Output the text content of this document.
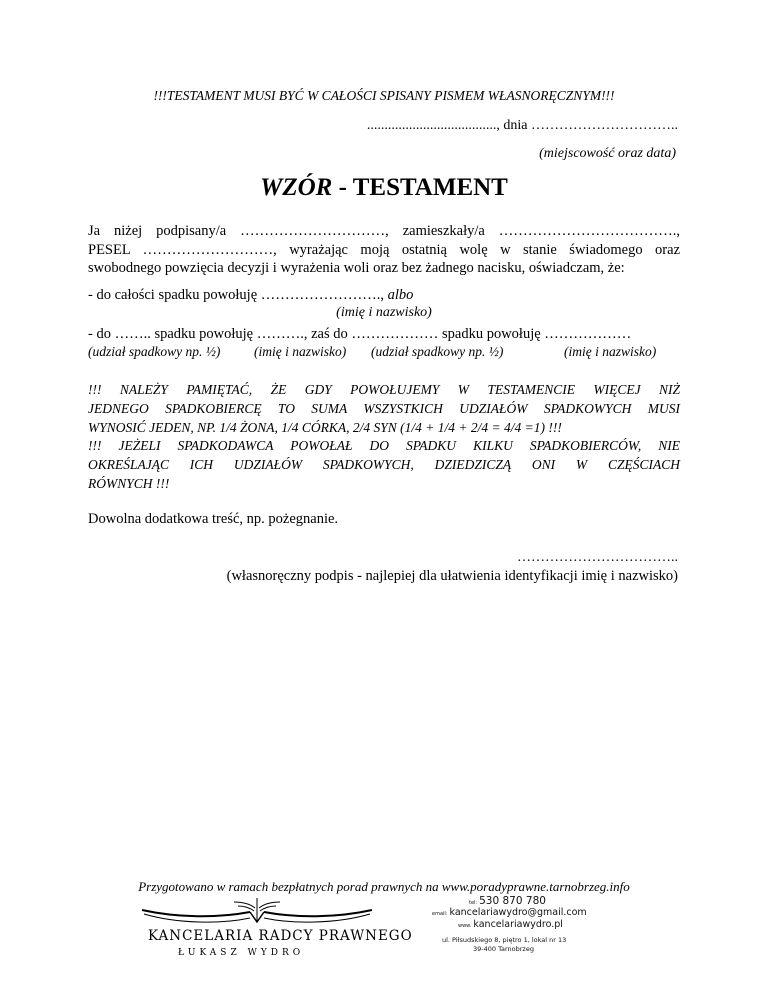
!!!TESTAMENT MUSI BYĆ W CAŁOŚCI SPISANY PISMEM WŁASNORĘCZNYM!!!
....................................., dnia …………………………..
(miejscowość oraz data)
WZÓR - TESTAMENT
Ja niżej podpisany/a …………………………, zamieszkały/a ……………………………….,
PESEL ………………………, wyrażając moją ostatnią wolę w stanie świadomego oraz
swobodnego powzięcia decyzji i wyrażenia woli oraz bez żadnego nacisku, oświadczam, że:
- do całości spadku powołuję ……………………., albo
(imię i nazwisko)
- do …….. spadku powołuję ………., zaś do ……………… spadku powołuję ………………
(udział spadkowy np. ½) (imię i nazwisko) (udział spadkowy np. ½)	(imię i nazwisko)
!!! NALEŻY PAMIĘTAĆ, ŻE GDY POWOŁUJEMY W TESTAMENCIE WIĘCEJ NIŻ
JEDNEGO SPADKOBIERCĘ TO SUMA WSZYSTKICH UDZIAŁÓW SPADKOWYCH MUSI
WYNOSIĆ JEDEN, NP. 1/4 ŻONA, 1/4 CÓRKA, 2/4 SYN (1/4 + 1/4 + 2/4 = 4/4 =1) !!!
!!! JEŻELI SPADKODAWCA POWOŁAŁ DO SPADKU KILKU SPADKOBIERCÓW, NIE
OKREŚLAJĄC ICH UDZIAŁÓW SPADKOWYCH, DZIEDZICZĄ ONI W CZĘŚCIACH
RÓWNYCH !!!
Dowolna dodatkowa treść, np. pożegnanie.
……………………………..
(własnoręczny podpis - najlepiej dla ułatwienia identyfikacji imię i nazwisko)
Przygotowano w ramach bezpłatnych porad prawnych na www.poradyprawne.tarnobrzeg.info
KANCELARIA RADCY PRAWNEGO
ŁUKASZ WYDRO
tel: 530 870 780
email: kancelariawydro@gmail.com
www. kancelariawydro.pl
ul. Piłsudskiego 8, piętro 1, lokal nr 13
39-400 Tarnobrzeg
